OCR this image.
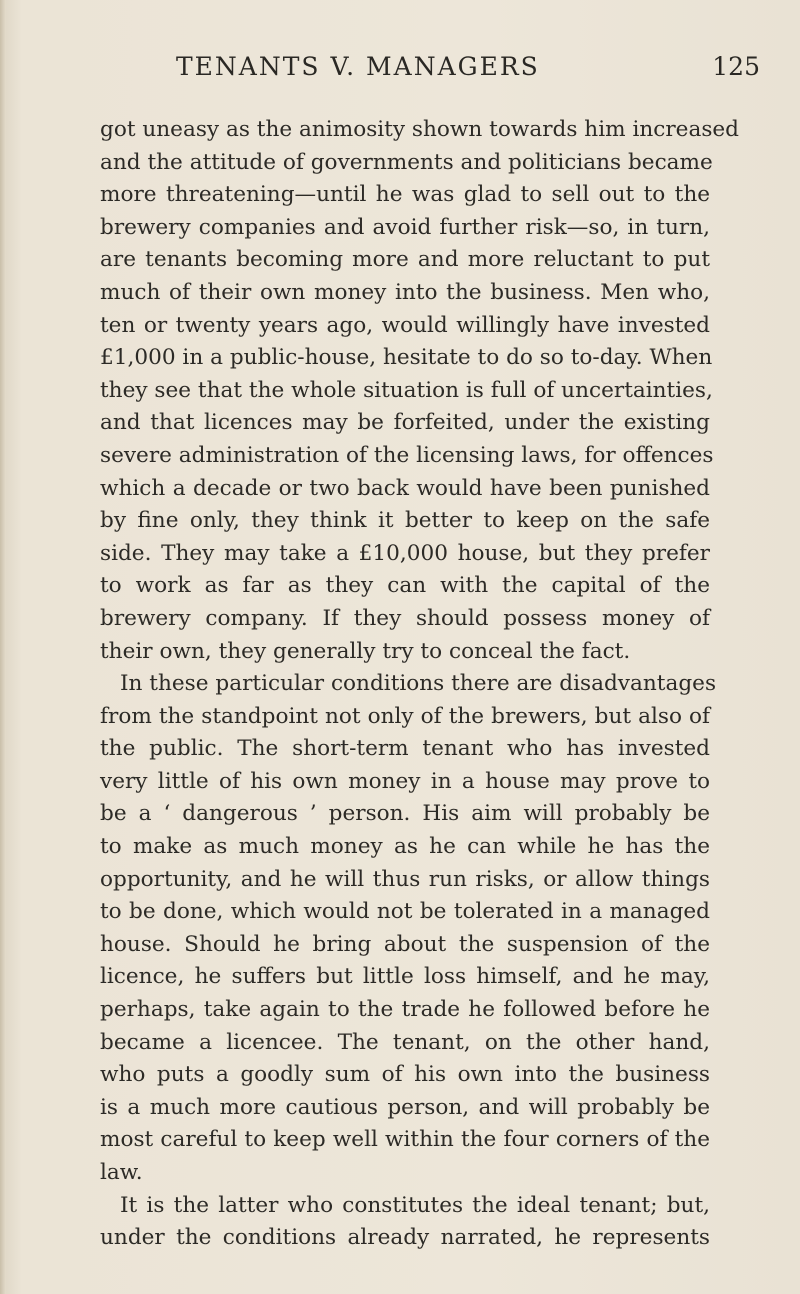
TENANTS V. MANAGERS	125
got uneasy as the animosity shown towards him increased
and the attitude of governments and politicians became
more threatening—until he was glad to sell out to the
brewery companies and avoid further risk—so, in turn,
are tenants becoming more and more reluctant to put
much of their own money into the business. Men who,
ten or twenty years ago, would willingly have invested
£1,000 in a public-house, hesitate to do so to-day. When
they see that the whole situation is full of uncertainties,
and that licences may be forfeited, under the existing
severe administration of the licensing laws, for offences
which a decade or two back would have been punished
by fine only, they think it better to keep on the safe
side. They may take a £10,000 house, but they prefer
to work as far as they can with the capital of the
brewery company. If they should possess money of
their own, they generally try to conceal the fact.
In these particular conditions there are disadvantages
from the standpoint not only of the brewers, but also of
the public. The short-term tenant who has invested
very little of his own money in a house may prove to
be a ‘ dangerous ’ person. His aim will probably be
to make as much money as he can while he has the
opportunity, and he will thus run risks, or allow things
to be done, which would not be tolerated in a managed
house. Should he bring about the suspension of the
licence, he suffers but little loss himself, and he may,
perhaps, take again to the trade he followed before he
became a licencee. The tenant, on the other hand,
who puts a goodly sum of his own into the business
is a much more cautious person, and will probably be
most careful to keep well within the four corners of the
law.
It is the latter who constitutes the ideal tenant; but,
under the conditions already narrated, he represents
